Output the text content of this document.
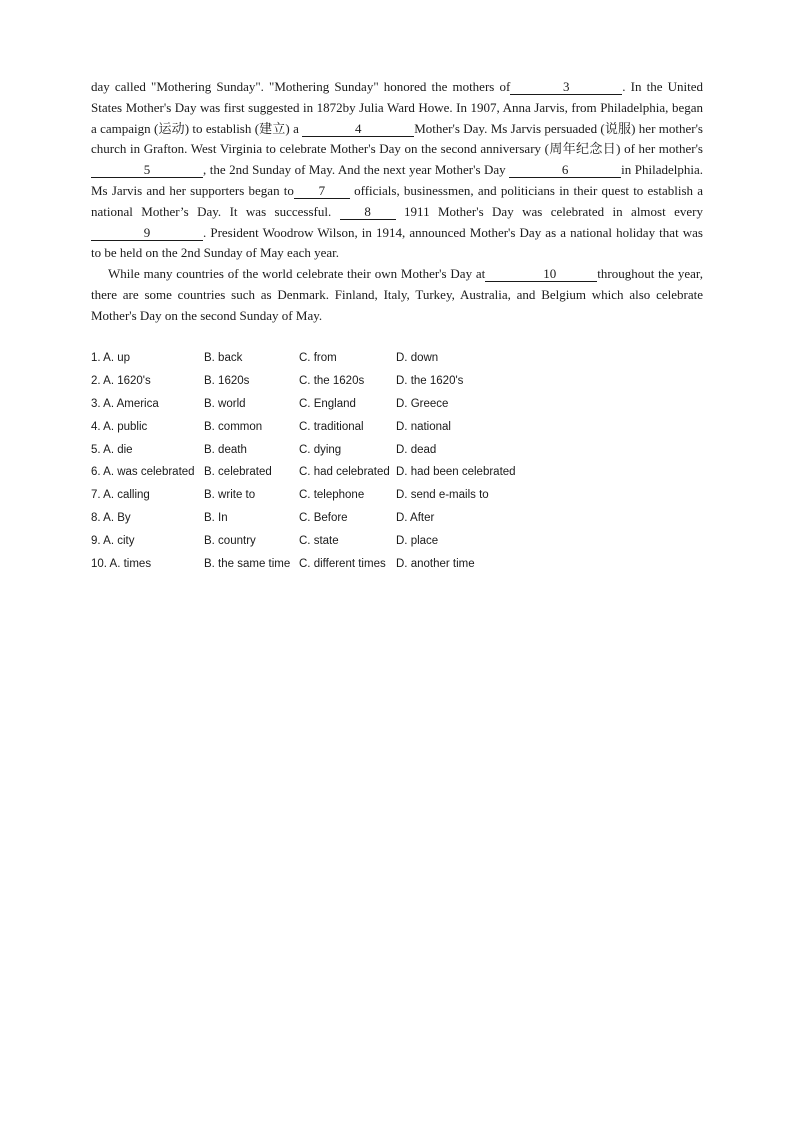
day called "Mothering Sunday". "Mothering Sunday" honored the mothers of	3	. In the United States Mother's Day was first suggested in 1872by Julia Ward Howe. In 1907, Anna Jarvis, from Philadelphia, began a campaign (运动) to establish (建立) a	4	Mother's Day. Ms Jarvis persuaded (说服) her mother's church in Grafton. West Virginia to celebrate Mother's Day on the second anniversary (周年纪念日) of her mother's 5	, the 2nd Sunday of May. And the next year Mother's Day	6	in Philadelphia. Ms Jarvis and her supporters began to 7 officials, businessmen, and politicians in their quest to establish a national Mother’s Day. It was successful. 8 1911 Mother's Day was celebrated in almost every9	. President Woodrow Wilson, in 1914, announced Mother's Day as a national holiday that was to be held on the 2nd Sunday of May each year.

While many countries of the world celebrate their own Mother's Day at	10	throughout the year, there are some countries such as Denmark. Finland, Italy, Turkey, Australia, and Belgium which also celebrate Mother's Day on the second Sunday of May.

1. A. up	B. back	C. from	D. down
2. A. 1620's	B. 1620s	C. the 1620s	D. the 1620's
3. A. America	B. world	C. England	D. Greece
4. A. public	B. common	C. traditional	D. national
5. A. die	B. death	C. dying	D. dead
6. A. was celebrated B. celebrated C. had celebrated D. had been celebrated
7. A. calling	B. write to	C. telephone	D. send e-mails to
8. A. By	B. In	C. Before	D. After
9. A. city	B. country	C. state	D. place
10. A. times	B. the same time C. different times D. another time
